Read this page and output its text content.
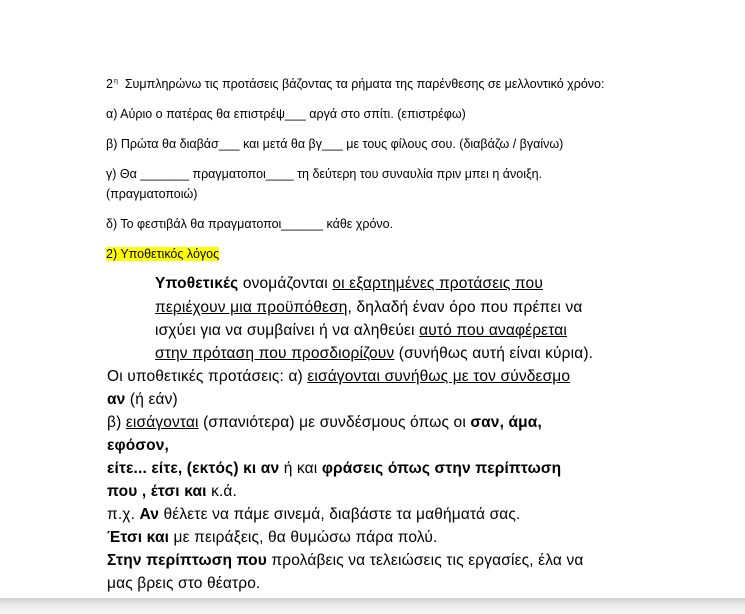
$2^\eta$ Συμπληρώνω τις προτάσεις βάζοντας τα ρήματα της παρένθεσης σε μελλοντικό χρόνο:
α) Αύριο ο πατέρας θα επιστρέψ___ αργά στο σπίτι. (επιστρέφω)
β) Πρώτα θα διαβάσ___ και μετά θα βγ___ με τους φίλους σου. (διαβάζω / βγαίνω)
γ) Θα _______ πραγματοποι____ τη δεύτερη του συναυλία πριν μπει η άνοιξη.
(πραγματοποιώ)
δ) Το φεστιβάλ θα πραγματοποι______ κάθε χρόνο.
2) Υποθετικός λόγος
Υποθετικές ονομάζονται οι εξαρτημένες προτάσεις που
περιέχουν μια προϋπόθεση, δηλαδή έναν όρο που πρέπει να
ισχύει για να συμβαίνει ή να αληθεύει αυτό που αναφέρεται
στην πρόταση που προσδιορίζουν (συνήθως αυτή είναι κύρια).
Οι υποθετικές προτάσεις: α) εισάγονται συνήθως με τον σύνδεσμο
αν (ή εάν)
β) εισάγονται (σπανιότερα) με συνδέσμους όπως οι σαν, άμα,
εφόσον,
είτε... είτε, (εκτός) κι αν ή και φράσεις όπως στην περίπτωση
που , έτσι και κ.ά.
π.χ. Αν θέλετε να πάμε σινεμά, διαβάστε τα μαθήματά σας.
Έτσι και με πειράξεις, θα θυμώσω πάρα πολύ.
Στην περίπτωση που προλάβεις να τελειώσεις τις εργασίες, έλα να
μας βρεις στο θέατρο.
